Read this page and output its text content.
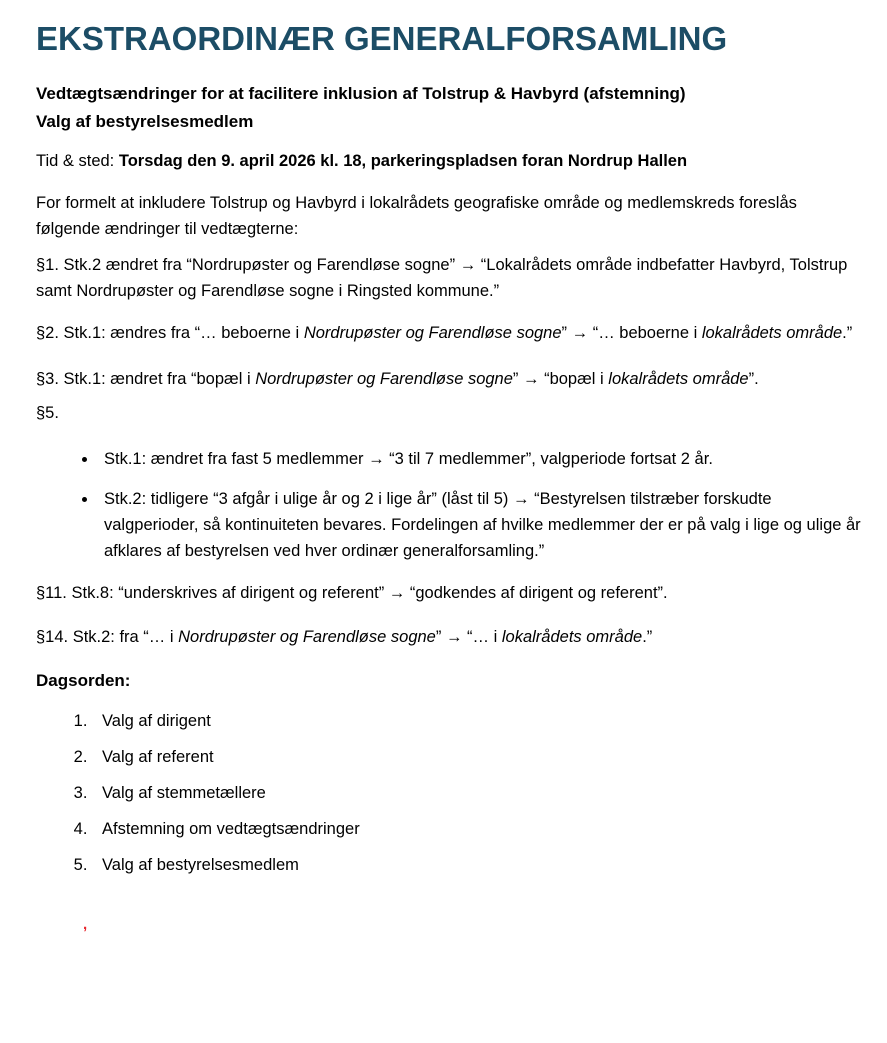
EKSTRAORDINÆR GENERALFORSAMLING

Vedtægtsændringer for at facilitere inklusion af Tolstrup & Havbyrd (afstemning)
Valg af bestyrelsesmedlem

Tid & sted: Torsdag den 9. april 2026 kl. 18, parkeringspladsen foran Nordrup Hallen

For formelt at inkludere Tolstrup og Havbyrd i lokalrådets geografiske område og medlemskreds foreslås følgende ændringer til vedtægterne:

§1. Stk.2 ændret fra “Nordrupøster og Farendløse sogne” → “Lokalrådets område indbefatter Havbyrd, Tolstrup samt Nordrupøster og Farendløse sogne i Ringsted kommune.”

§2. Stk.1: ændres fra “… beboerne i Nordrupøster og Farendløse sogne” → “… beboerne i lokalrådets område.”

§3. Stk.1: ændret fra “bopæl i Nordrupøster og Farendløse sogne” → “bopæl i lokalrådets område”.

§5.

• Stk.1: ændret fra fast 5 medlemmer → “3 til 7 medlemmer”, valgperiode fortsat 2 år.
• Stk.2: tidligere “3 afgår i ulige år og 2 i lige år” (låst til 5) → “Bestyrelsen tilstræber forskudte valgperioder, så kontinuiteten bevares. Fordelingen af hvilke medlemmer der er på valg i lige og ulige år afklares af bestyrelsen ved hver ordinær generalforsamling.”

§11. Stk.8: “underskrives af dirigent og referent” → “godkendes af dirigent og referent”.

§14. Stk.2: fra “… i Nordrupøster og Farendløse sogne” → “… i lokalrådets område.”

Dagsorden:

1. Valg af dirigent
2. Valg af referent
3. Valg af stemmetællere
4. Afstemning om vedtægtsændringer
5. Valg af bestyrelsesmedlem
,
